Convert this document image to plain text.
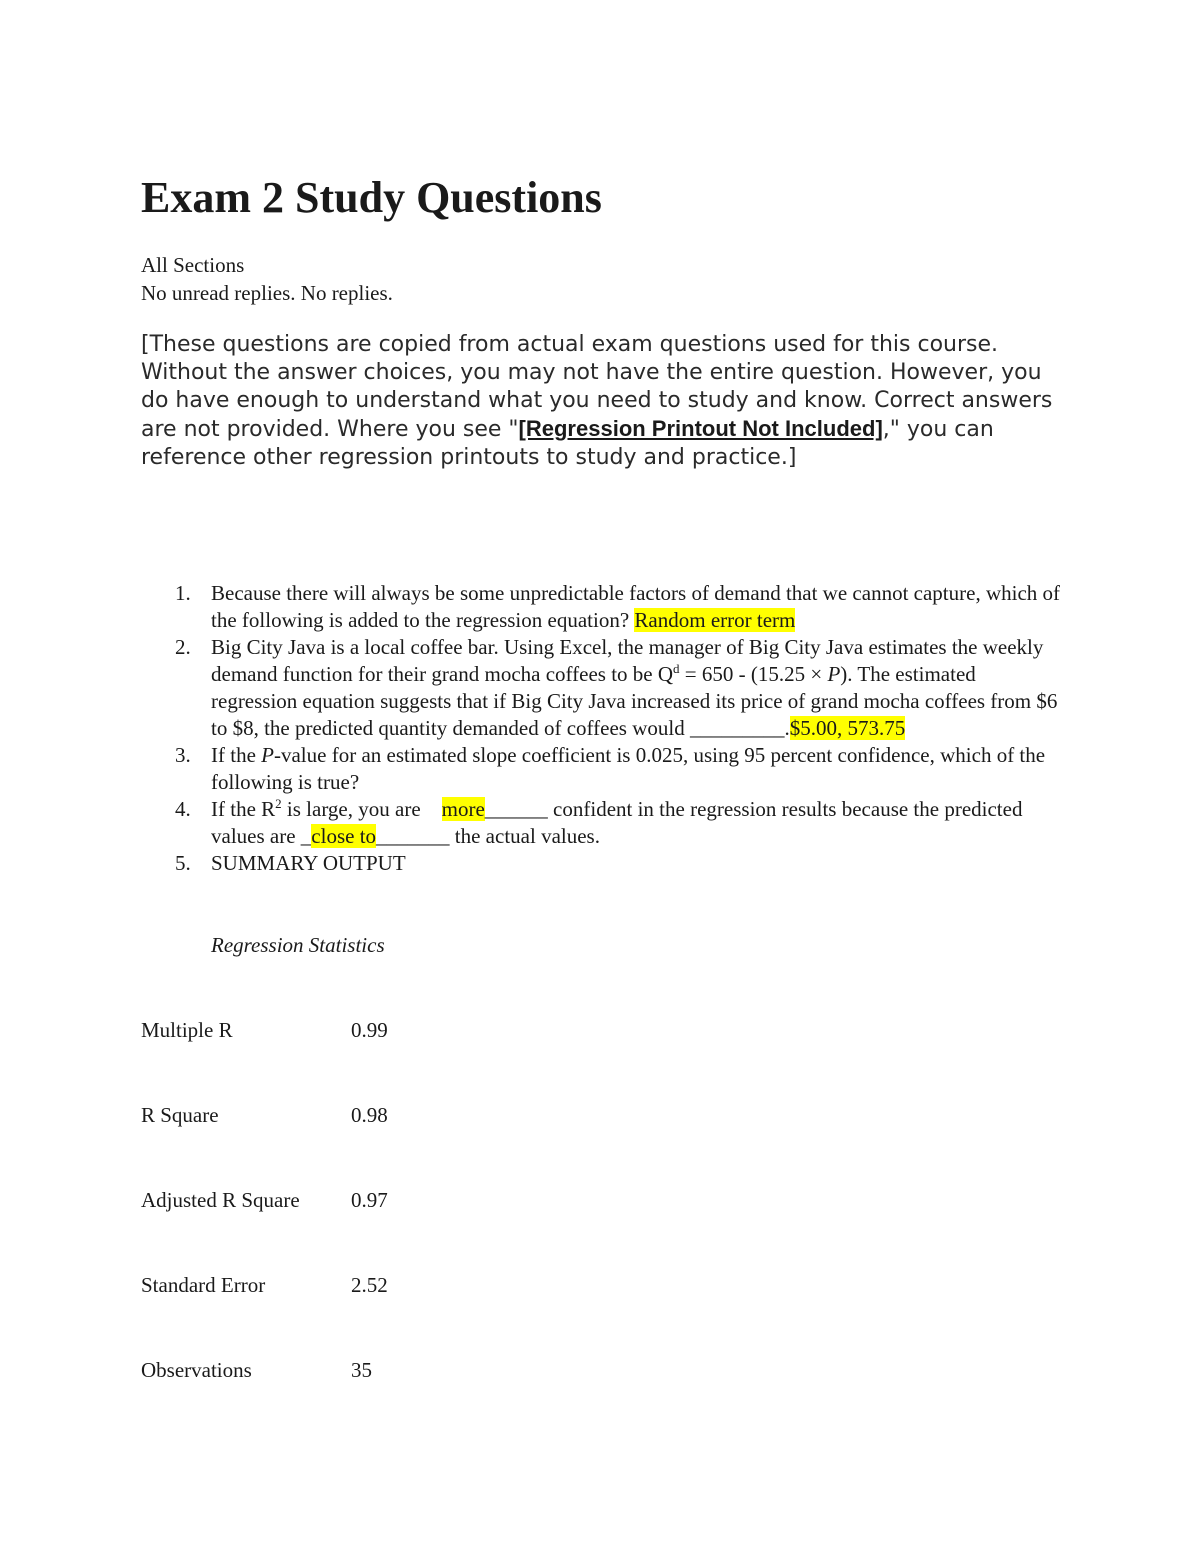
Exam 2 Study Questions
All Sections
No unread replies. No replies.

[These questions are copied from actual exam questions used for this course. Without the answer choices, you may not have the entire question. However, you do have enough to understand what you need to study and know. Correct answers are not provided. Where you see "[Regression Printout Not Included]," you can reference other regression printouts to study and practice.]

1. Because there will always be some unpredictable factors of demand that we cannot capture, which of the following is added to the regression equation? Random error term
2. Big City Java is a local coffee bar. Using Excel, the manager of Big City Java estimates the weekly demand function for their grand mocha coffees to be $Q^d = 650 - (15.25 \times P)$. The estimated regression equation suggests that if Big City Java increased its price of grand mocha coffees from $6 to $8, the predicted quantity demanded of coffees would _________.$5.00, 573.75
3. If the P-value for an estimated slope coefficient is 0.025, using 95 percent confidence, which of the following is true?
4. If the $R^2$ is large, you are    more______ confident in the regression results because the predicted values are _close to_______ the actual values.
5. SUMMARY OUTPUT
Regression Statistics
Multiple R	0.99
R Square	0.98
Adjusted R Square 0.97
Standard Error	2.52
Observations	35
